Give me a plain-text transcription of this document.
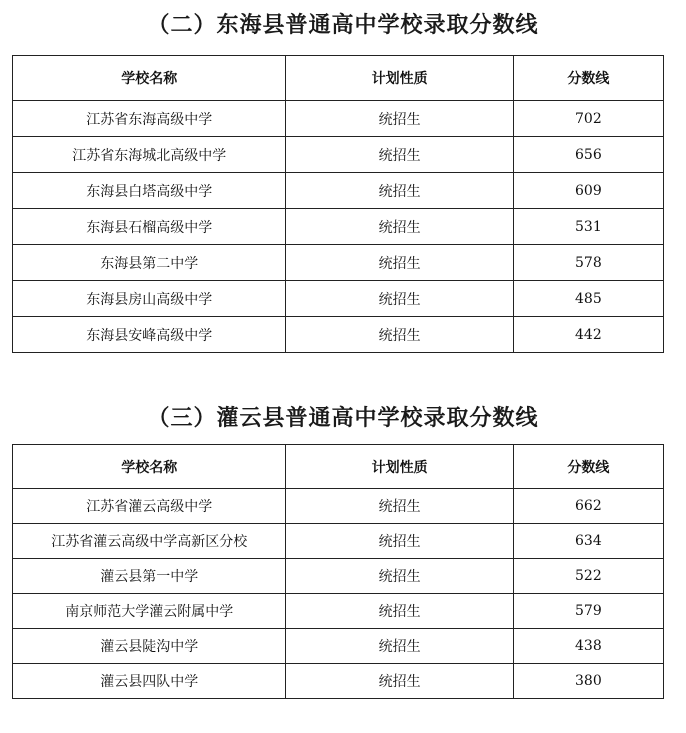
（二）东海县普通高中学校录取分数线
学校名称	计划性质	分数线
江苏省东海高级中学	统招生	702
江苏省东海城北高级中学	统招生	656
东海县白塔高级中学	统招生	609
东海县石榴高级中学	统招生	531
东海县第二中学	统招生	578
东海县房山高级中学	统招生	485
东海县安峰高级中学	统招生	442
（三）灌云县普通高中学校录取分数线
学校名称	计划性质	分数线
江苏省灌云高级中学	统招生	662
江苏省灌云高级中学高新区分校	统招生	634
灌云县第一中学	统招生	522
南京师范大学灌云附属中学	统招生	579
灌云县陡沟中学	统招生	438
灌云县四队中学	统招生	380
